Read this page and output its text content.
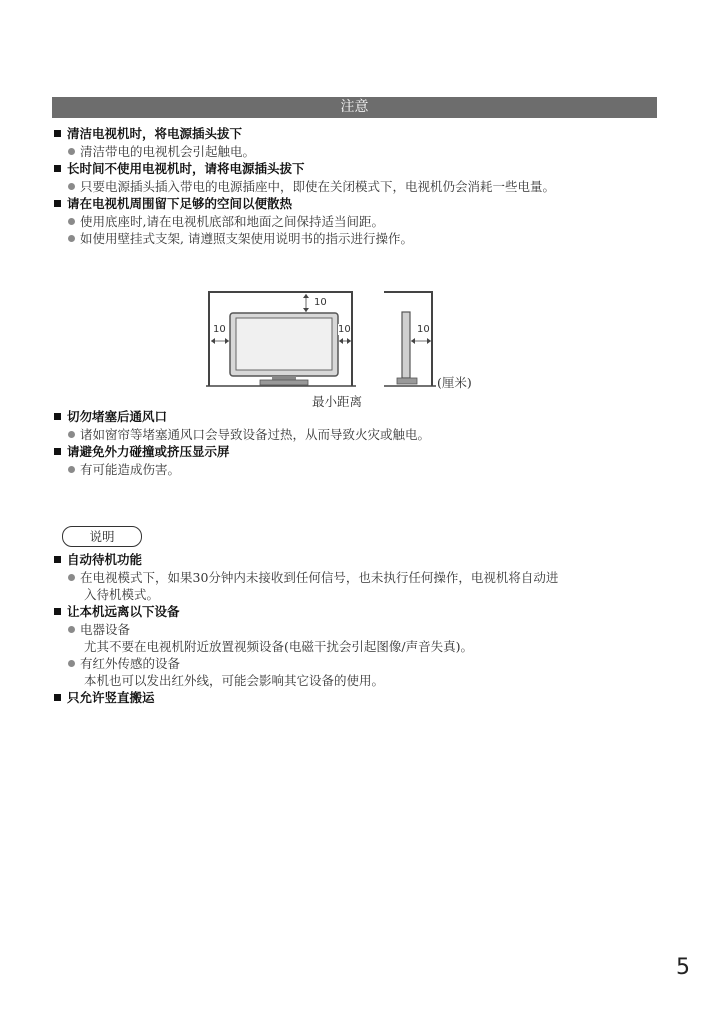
注意
清洁电视机时，将电源插头拔下
清洁带电的电视机会引起触电。
长时间不使用电视机时，请将电源插头拔下
只要电源插头插入带电的电源插座中，即使在关闭模式下，电视机仍会消耗一些电量。
请在电视机周围留下足够的空间以便散热
使用底座时,请在电视机底部和地面之间保持适当间距。
如使用壁挂式支架, 请遵照支架使用说明书的指示进行操作。
10
10	10	10
(厘米)
最小距离
切勿堵塞后通风口
诸如窗帘等堵塞通风口会导致设备过热，从而导致火灾或触电。
请避免外力碰撞或挤压显示屏
有可能造成伤害。
说明
自动待机功能
在电视模式下，如果30分钟内未接收到任何信号，也未执行任何操作，电视机将自动进
入待机模式。
让本机远离以下设备
电器设备
尤其不要在电视机附近放置视频设备(电磁干扰会引起图像/声音失真)。
有红外传感的设备
本机也可以发出红外线，可能会影响其它设备的使用。
只允许竖直搬运
5
